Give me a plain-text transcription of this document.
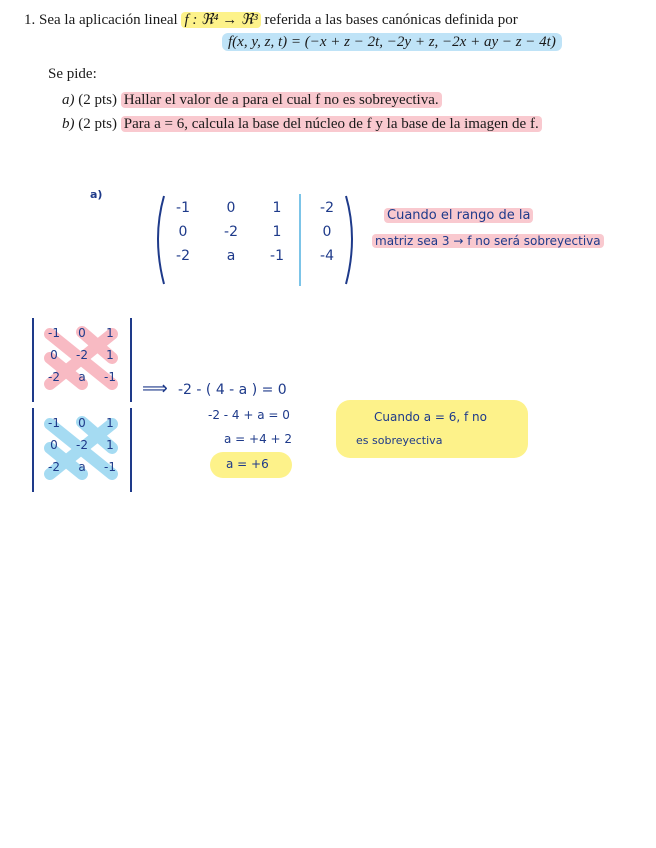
1. Sea la aplicación lineal f : ℜ⁴ → ℜ³ referida a las bases canónicas definida por
f(x, y, z, t) = (−x + z − 2t, −2y + z, −2x + ay − z − 4t)
Se pide:
a) (2 pts) Hallar el valor de a para el cual f no es sobreyectiva.
b) (2 pts) Para a = 6, calcula la base del núcleo de f y la base de la imagen de f.
a)
-1	0	1	-2
0	-2	1	0
-2	a	-1	-4
Cuando el rango de la
matriz sea 3 → f no será sobreyectiva
-1	0	1
0	-2	1
-2	a	-1
-1	0	1
0	-2	1
-2	a	-1
⟹ -2 - ( 4 - a ) = 0
-2 - 4 + a = 0
a = +4 + 2
a = +6
Cuando a = 6, f no
es sobreyectiva
